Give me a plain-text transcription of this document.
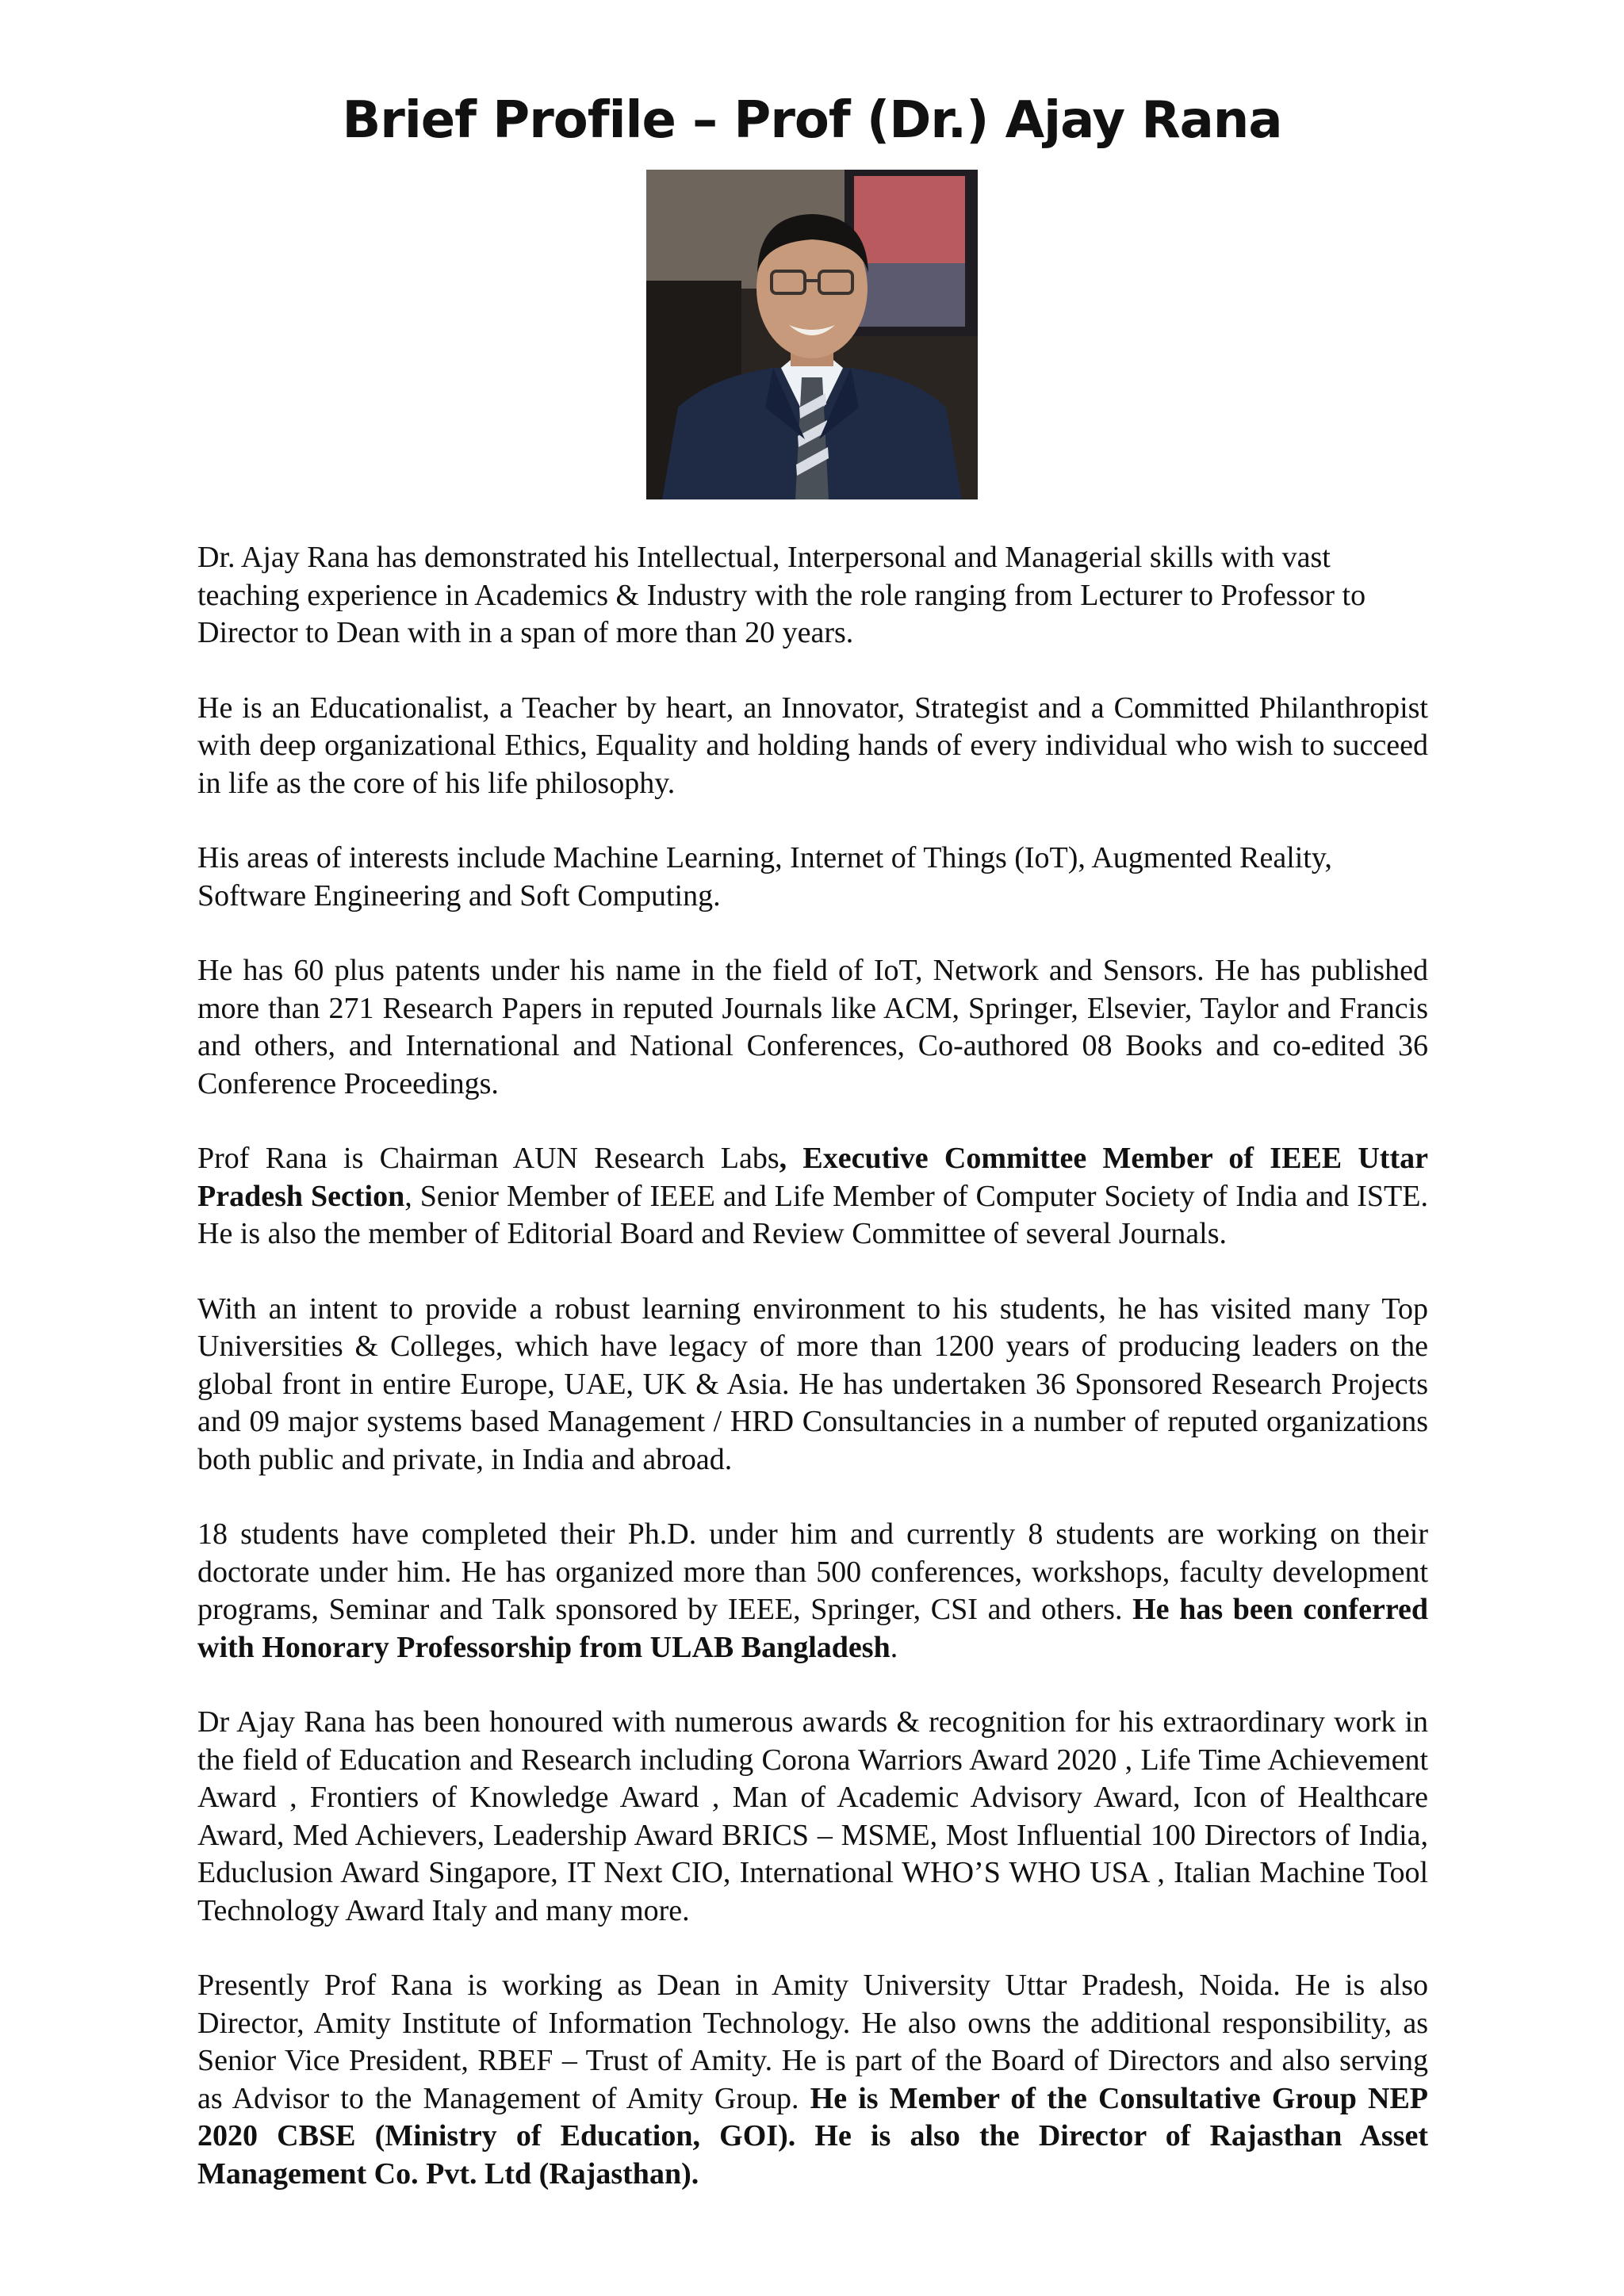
Brief Profile – Prof (Dr.) Ajay Rana

Dr. Ajay Rana has demonstrated his Intellectual, Interpersonal and Managerial skills with vast teaching experience in Academics & Industry with the role ranging from Lecturer to Professor to Director to Dean with in a span of more than 20 years.

He is an Educationalist, a Teacher by heart, an Innovator, Strategist and a Committed Philanthropist with deep organizational Ethics, Equality and holding hands of every individual who wish to succeed in life as the core of his life philosophy.

His areas of interests include Machine Learning, Internet of Things (IoT), Augmented Reality, Software Engineering and Soft Computing.

He has 60 plus patents under his name in the field of IoT, Network and Sensors. He has published more than 271 Research Papers in reputed Journals like ACM, Springer, Elsevier, Taylor and Francis and others, and International and National Conferences, Co-authored 08 Books and co-edited 36 Conference Proceedings.

Prof Rana is Chairman AUN Research Labs, Executive Committee Member of IEEE Uttar Pradesh Section, Senior Member of IEEE and Life Member of Computer Society of India and ISTE. He is also the member of Editorial Board and Review Committee of several Journals.

With an intent to provide a robust learning environment to his students, he has visited many Top Universities & Colleges, which have legacy of more than 1200 years of producing leaders on the global front in entire Europe, UAE, UK & Asia. He has undertaken 36 Sponsored Research Projects and 09 major systems based Management / HRD Consultancies in a number of reputed organizations both public and private, in India and abroad.

18 students have completed their Ph.D. under him and currently 8 students are working on their doctorate under him. He has organized more than 500 conferences, workshops, faculty development programs, Seminar and Talk sponsored by IEEE, Springer, CSI and others. He has been conferred with Honorary Professorship from ULAB Bangladesh.

Dr Ajay Rana has been honoured with numerous awards & recognition for his extraordinary work in the field of Education and Research including Corona Warriors Award 2020 , Life Time Achievement Award , Frontiers of Knowledge Award , Man of Academic Advisory Award, Icon of Healthcare Award, Med Achievers, Leadership Award BRICS – MSME, Most Influential 100 Directors of India, Educlusion Award Singapore, IT Next CIO, International WHO’S WHO USA , Italian Machine Tool Technology Award Italy and many more.

Presently Prof Rana is working as Dean in Amity University Uttar Pradesh, Noida. He is also Director, Amity Institute of Information Technology. He also owns the additional responsibility, as Senior Vice President, RBEF – Trust of Amity. He is part of the Board of Directors and also serving as Advisor to the Management of Amity Group. He is Member of the Consultative Group NEP 2020 CBSE (Ministry of Education, GOI). He is also the Director of Rajasthan Asset Management Co. Pvt. Ltd (Rajasthan).
